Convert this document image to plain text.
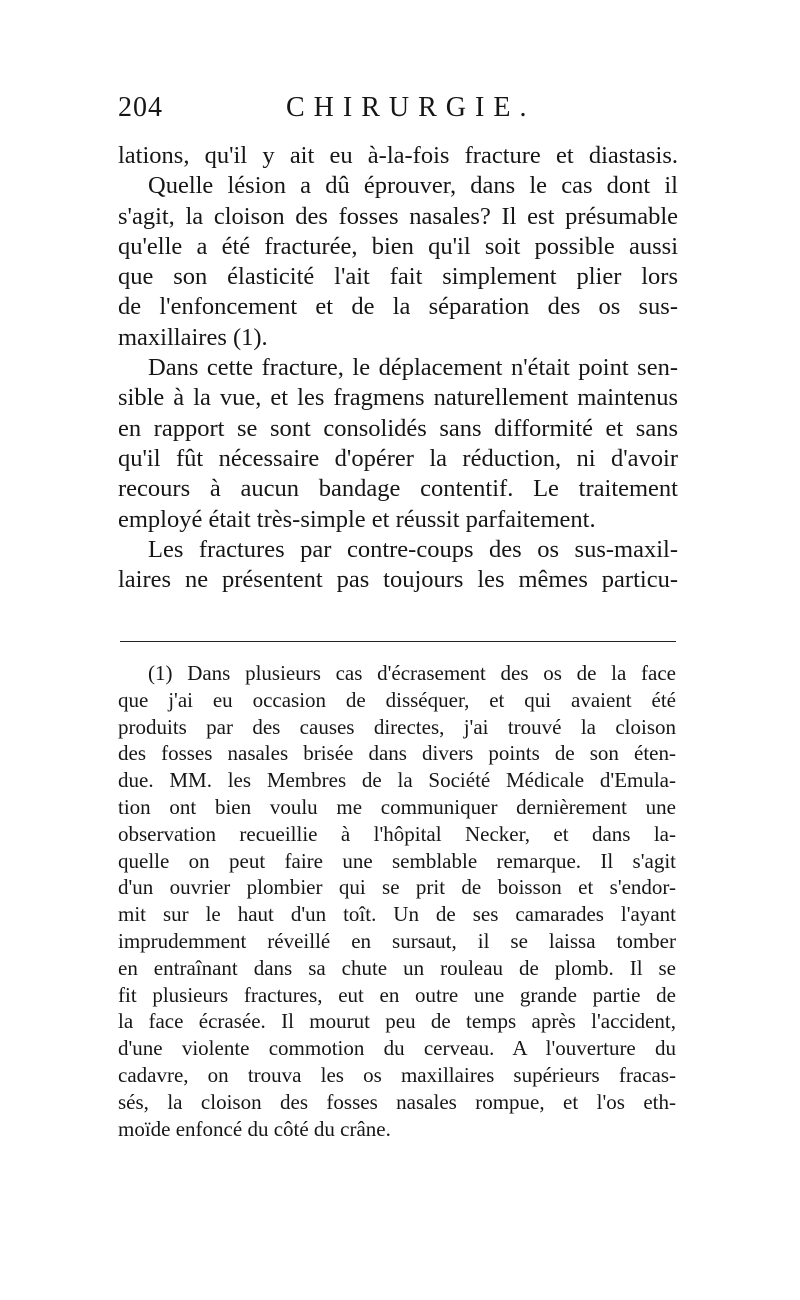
204	CHIRURGIE.
lations, qu'il y ait eu à-la-fois fracture et diastasis.
Quelle lésion a dû éprouver, dans le cas dont il
s'agit, la cloison des fosses nasales? Il est présumable
qu'elle a été fracturée, bien qu'il soit possible aussi
que son élasticité l'ait fait simplement plier lors
de l'enfoncement et de la séparation des os sus-
maxillaires (1).
Dans cette fracture, le déplacement n'était point sen-
sible à la vue, et les fragmens naturellement maintenus
en rapport se sont consolidés sans difformité et sans
qu'il fût nécessaire d'opérer la réduction, ni d'avoir
recours à aucun bandage contentif. Le traitement
employé était très-simple et réussit parfaitement.
Les fractures par contre-coups des os sus-maxil-
laires ne présentent pas toujours les mêmes particu-
(1) Dans plusieurs cas d'écrasement des os de la face
que j'ai eu occasion de disséquer, et qui avaient été
produits par des causes directes, j'ai trouvé la cloison
des fosses nasales brisée dans divers points de son éten-
due. MM. les Membres de la Société Médicale d'Emula-
tion ont bien voulu me communiquer dernièrement une
observation recueillie à l'hôpital Necker, et dans la-
quelle on peut faire une semblable remarque. Il s'agit
d'un ouvrier plombier qui se prit de boisson et s'endor-
mit sur le haut d'un toît. Un de ses camarades l'ayant
imprudemment réveillé en sursaut, il se laissa tomber
en entraînant dans sa chute un rouleau de plomb. Il se
fit plusieurs fractures, eut en outre une grande partie de
la face écrasée. Il mourut peu de temps après l'accident,
d'une violente commotion du cerveau. A l'ouverture du
cadavre, on trouva les os maxillaires supérieurs fracas-
sés, la cloison des fosses nasales rompue, et l'os eth-
moïde enfoncé du côté du crâne.
